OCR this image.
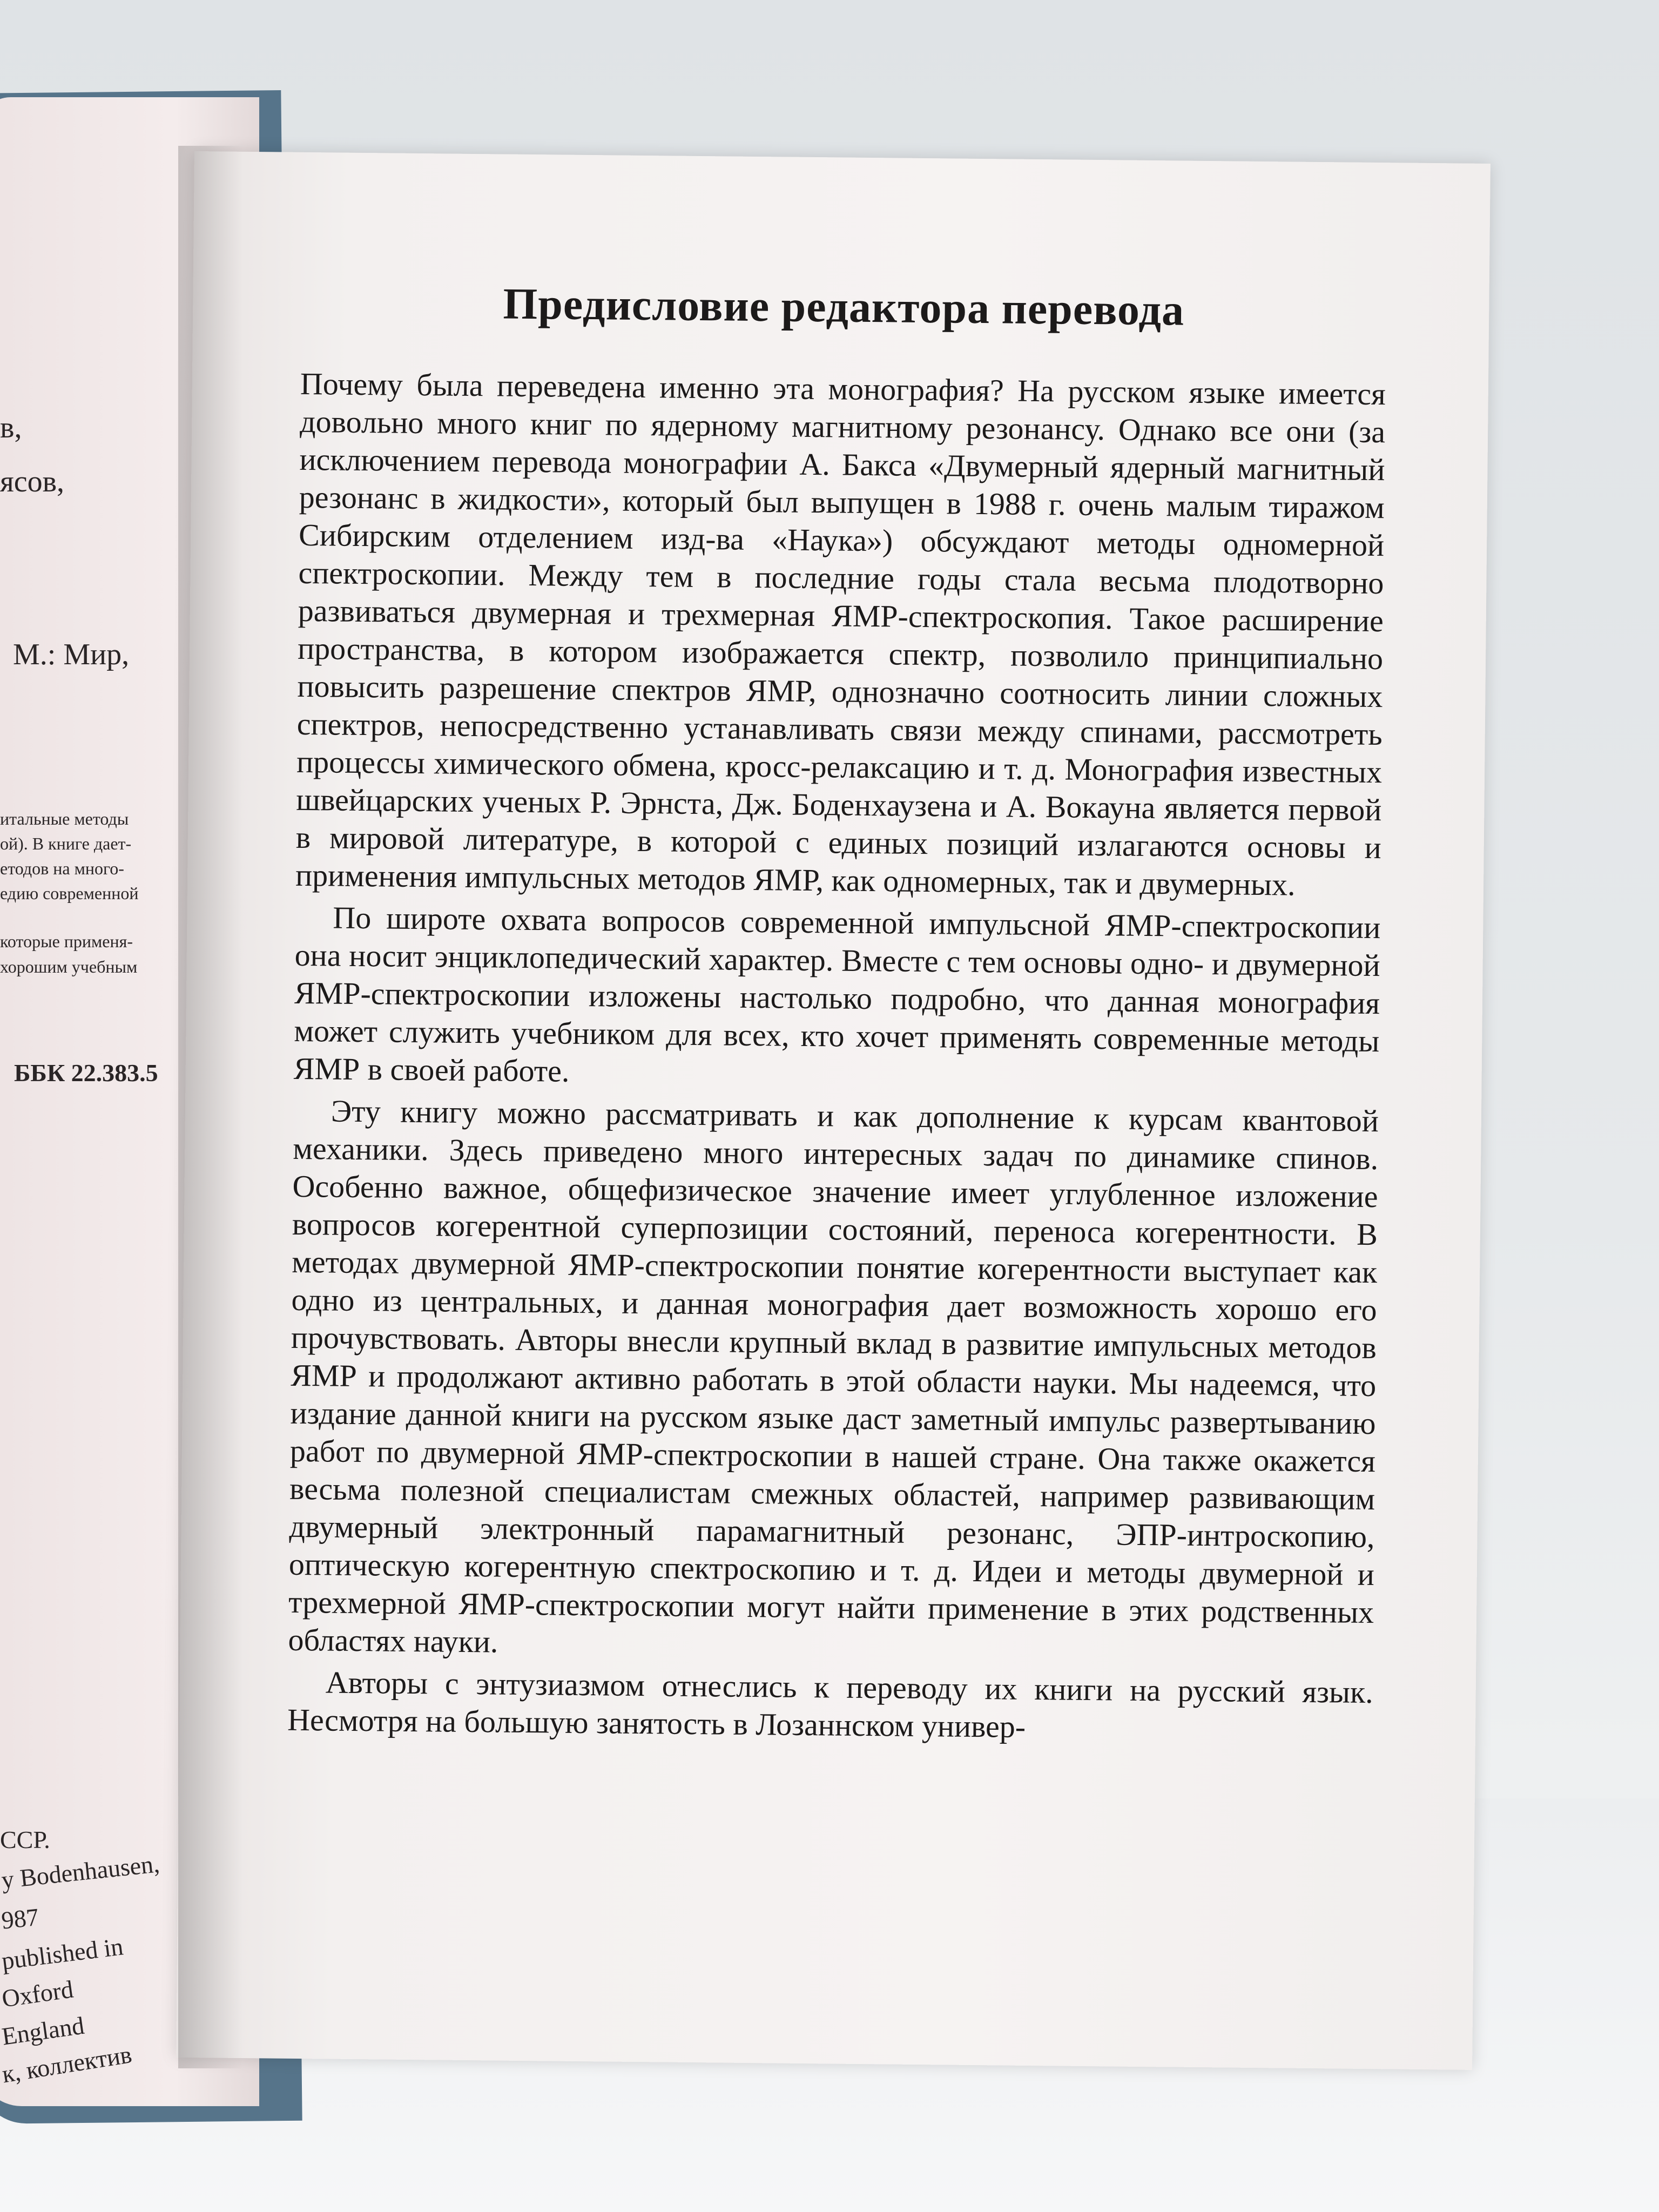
в,
ясов,
М.: Мир,
итальные методы
ой). В книге дает-
етодов на много-
едию современной
которые применя-
хорошим учебным
ББК 22.383.5
ССР.
y Bodenhausen,
987
published in
Oxford
England
к, коллектив
Предисловие редактора перевода

Почему была переведена именно эта монография? На русском языке имеется довольно много книг по ядерному магнитному резонансу. Однако все они (за исключением перевода монографии А. Бакса «Двумерный ядерный магнитный резонанс в жидкости», который был выпущен в 1988 г. очень малым тиражом Сибирским отделением изд-ва «Наука») обсуждают методы одномерной спектроскопии. Между тем в последние годы стала весьма плодотворно развиваться двумерная и трехмерная ЯМР-спектроскопия. Такое расширение пространства, в котором изображается спектр, позволило принципиально повысить разрешение спектров ЯМР, однозначно соотносить линии сложных спектров, непосредственно устанавливать связи между спинами, рассмотреть процессы химического обмена, кросс-релаксацию и т. д. Монография известных швейцарских ученых Р. Эрнста, Дж. Боденхаузена и А. Вокауна является первой в мировой литературе, в которой с единых позиций излагаются основы и применения импульсных методов ЯМР, как одномерных, так и двумерных.

По широте охвата вопросов современной импульсной ЯМР-спектроскопии она носит энциклопедический характер. Вместе с тем основы одно- и двумерной ЯМР-спектроскопии изложены настолько подробно, что данная монография может служить учебником для всех, кто хочет применять современные методы ЯМР в своей работе.

Эту книгу можно рассматривать и как дополнение к курсам квантовой механики. Здесь приведено много интересных задач по динамике спинов. Особенно важное, общефизическое значение имеет углубленное изложение вопросов когерентной суперпозиции состояний, переноса когерентности. В методах двумерной ЯМР-спектроскопии понятие когерентности выступает как одно из центральных, и данная монография дает возможность хорошо его прочувствовать. Авторы внесли крупный вклад в развитие импульсных методов ЯМР и продолжают активно работать в этой области науки. Мы надеемся, что издание данной книги на русском языке даст заметный импульс развертыванию работ по двумерной ЯМР-спектроскопии в нашей стране. Она также окажется весьма полезной специалистам смежных областей, например развивающим двумерный электронный парамагнитный резонанс, ЭПР-интроскопию, оптическую когерентную спектроскопию и т. д. Идеи и методы двумерной и трехмерной ЯМР-спектроскопии могут найти применение в этих родственных областях науки.

Авторы с энтузиазмом отнеслись к переводу их книги на русский язык. Несмотря на большую занятость в Лозаннском универ-
